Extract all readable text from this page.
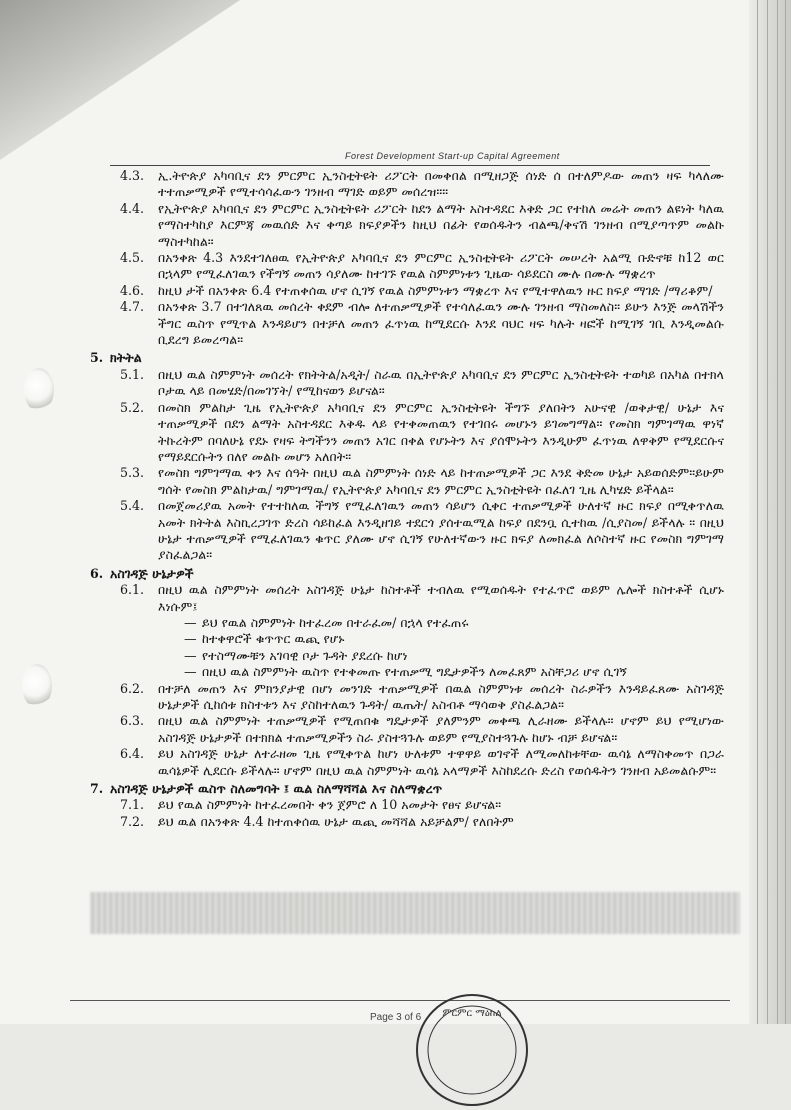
Forest Development Start-up Capital Agreement
4.3.	ኢ.ትዮጵያ አካባቢና ደን ምርምር ኢንስቲትዩት ሪፖርት በመቀበል በሚዘጋጅ ሰነድ ሰ በተለምዶው መጠን ዛፍ ካላለሙ ተተጠቃሚዎች የሚተሳሳፈውን ገንዘብ ማገድ ወይም መሰረዝ።።
4.4.	የኢትዮጵያ አካባቢና ደን ምርምር ኢንስቲትዩት ሪፖርት ከደን ልማት አስተዳደር እቅድ ጋር የተከለ መሬት መጠን ልዩነት ካለዉ የማስተካከያ እርምጃ መዉሰድ እና ቀጣይ ክፍያዎችን ከዚህ በፊት የወሰዱትን ብልጫ/ቅናሽ ገንዘብ በሚያጣጥም መልኩ ማስተካከል።
4.5.	በአንቀጽ 4.3 እንደተገለፀዉ የኢትዮጵያ አካባቢና ደን ምርምር ኢንስቲትዩት ሪፖርት መሠረት አልሚ ቡድኖቹ ከ12 ወር በኋላም የሚፈለገዉን የችግኝ መጠን ሳያለሙ ከተገኙ የዉል ስምምነቱን ጊዜው ሳይደርስ ሙሉ በሙሉ ማቋረጥ
4.6.	ከዚህ ታች በአንቀጽ 6.4 የተጠቀሰዉ ሆኖ ሲገኝ የዉል ስምምነቱን ማቋረጥ እና የሚተዋለዉን ዙር ክፍያ ማገድ /ማሪቆም/
4.7.	በአንቀጽ 3.7 በተገለጸዉ መሰረት ቀደም ብሎ ለተጠቃሚዎች የተሳለፈዉን ሙሉ ገንዘብ ማስመለስ። ይሁን እንጅ መላሽችን ችግር ዉስጥ የሚጥል እንዳይሆን በተቻለ መጠን ፈጥነዉ ከሚደርሱ እንደ ባህር ዛፍ ካሉት ዛፎች ከሚገኝ ገቢ እንዲመልሱ ቢደረግ ይመረጣል።
5. ክትትል
5.1.	በዚህ ዉል ስምምነት መሰረት የክትትል/አዲት/ ስራዉ በኢትዮጵያ አካባቢና ደን ምርምር ኢንስቲትዩት ተወካይ በአካል በተክላ ቦታዉ ላይ በመሄድ/በመገኘት/ የሚከናወን ይሆናል።
5.2.	በመስክ ምልከታ ጊዜ የኢትዮጵያ አካባቢና ደን ምርምር ኢንስቲትዩት ችግኙ ያለበትን አሁናዊ /ወቅታዊ/ ሁኔታ እና ተጠቃሚዎች በደን ልማት አስተዳደር እቅዱ ላይ የተቀመጠዉን የተገበሩ መሆኑን ይገመግማል። የመስክ ግምገማዉ ዋነኛ ትኩረትም በባለሁኔ የደኑ የዛፍ ትግችንን መጠን አገር በቀል የሆኑትን እና ያሰሞኑትን እንዲሁም ፈጥነዉ ለዋቅም የሚደርሱና የማይደርሱትን በለየ መልኩ መሆን አለበት።
5.3.	የመስክ ግምገማዉ ቀን እና ሰዓት በዚህ ዉል ስምምነት ሰነድ ላይ ከተጠቃሚዎች ጋር እንደ ቅድመ ሁኔታ አይወሰድም።ይሁም ግሰት የመስክ ምልከታዉ/ ግምገማዉ/ የኢትዮጵያ አካባቢና ደን ምርምር ኢንስቲትዩት በፈለገ ጊዜ ሊካሄድ ይችላል።
5.4.	በመጀመሪያዉ አመት የተተከለዉ ችግኝ የሚፈለገዉን መጠን ሳይሆን ሲቀር ተጠቃሚዎች ሁለተኛ ዙር ክፍያ በሚቀጥለዉ አመት ክትትል እስኪረጋገጥ ድረስ ሳይከፈል እንዲዘገይ ተደርጎ ያሰተዉሚል ከፍያ በደንቧ ሲተከዉ /ሲያስመ/ ይችላሉ ። በዚህ ሁኔታ ተጠቃሚዎች የሚፈለገዉን ቁጥር ያለሙ ሆኖ ሲገኝ የሁለተኛውን ዙር ክፍያ ለመክፈል ለሶስተኛ ዙር የመስክ ግምገማ ያስፈልጋል።
6. አስገዳጅ ሁኔታዎች
6.1.	በዚህ ዉል ስምምነት መሰረት አስገዳጅ ሁኔታ ከስተቶች ተብለዉ የሚወሰዱት የተፈጥሮ ወይም ሌሎች ክስተቶች ሲሆኑ እነሱም፤
— ይህ የዉል ስምምነት ከተፈረመ በተራፈመ/ በኋላ የተፈጠሩ
— ከተቀዋሮች ቁጥጥር ዉጪ የሆኑ
— የተስማሙቹን አገባዊ ቦታ ጉዳት ያደረሱ ከሆነ
— በዚህ ዉል ስምምነት ዉስጥ የተቀመጡ የተጠቃሚ ግዴታዎችን ለመፈጸም አስቸጋሪ ሆኖ ሲገኝ
6.2.	በተቻለ መጠን እና ምክንያታዊ በሆነ መንገድ ተጠቃሚዎች በዉል ስምምነቱ መሰረት ስራዎችን እንዳይፈጸሙ አስገዳጅ ሁኔታዎች ሲከሰቱ ክስተቱን እና ያስከተለዉን ጉዳት/ ዉጤት/ አስብቶ ማሳወቅ ያስፈልጋል።
6.3.	በዚህ ዉል ስምምነት ተጠቃሚዎች የሚጠበቁ ግዴታዎች ያለምንም መቀጫ ሊራዘሙ ይችላሉ። ሆኖም ይህ የሚሆነው አስገዳጅ ሁኔታዎች በተክክል ተጠቃሚዎችን ስራ ያስተጓጉሉ ወይም የሚያስተጓጉሉ ከሆኑ ብቻ ይሆናል።
6.4.	ይህ አስገዳጅ ሁኔታ ለተራዘመ ጊዜ የሚቀጥል ከሆነ ሁለቱም ተዋዋይ ወገኖች ለሚመለከቱቸው ዉሳኔ ለማስቀመጥ በጋራ ዉሳኔዎች ሊደርሱ ይችላሉ። ሆኖም በዚህ ዉል ስምምነት ዉሳኔ አላማዎች እስከደረሱ ድረስ የወሰዱትን ገንዘብ አይመልሱም።
7. አስገዳጅ ሁኔታዎች ዉስጥ ስለመግባት ፤ ዉል ስለማሻሻል እና ስለማቋረጥ
7.1.	ይህ የዉል ስምምነት ከተፈረመበት ቀን ጀምሮ ለ 10 አመታት የፀና ይሆናል።
7.2.	ይህ ዉል በአንቀጽ 4.4 ከተጠቀሰዉ ሁኔታ ዉጪ መሻሻል አይቻልም/ የለበትም
ምርምር ማዕከል
Page 3 of 6
